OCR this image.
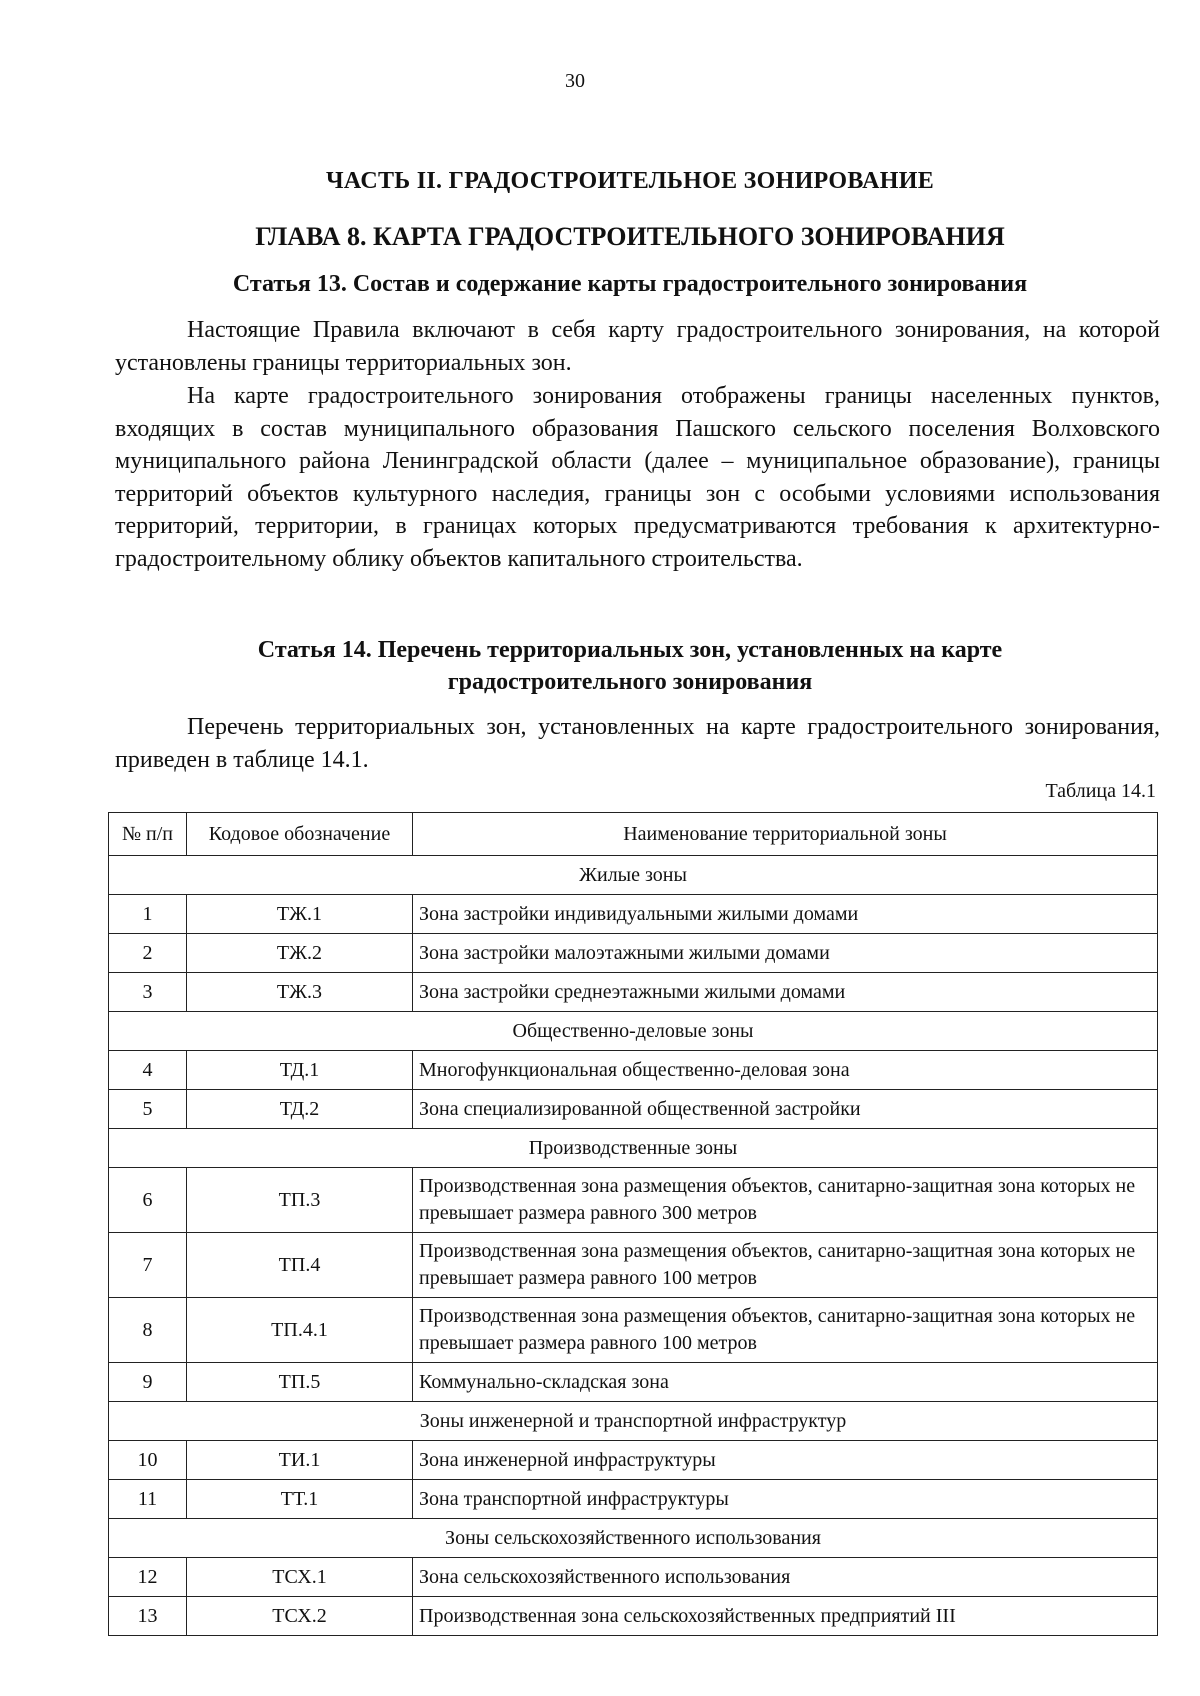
30
ЧАСТЬ II. ГРАДОСТРОИТЕЛЬНОЕ ЗОНИРОВАНИЕ
ГЛАВА 8. КАРТА ГРАДОСТРОИТЕЛЬНОГО ЗОНИРОВАНИЯ
Статья 13. Состав и содержание карты градостроительного зонирования

Настоящие Правила включают в себя карту градостроительного зонирования, на которой установлены границы территориальных зон.

На карте градостроительного зонирования отображены границы населенных пунктов, входящих в состав муниципального образования Пашского сельского поселения Волховского муниципального района Ленинградской области (далее – муниципальное образование), границы территорий объектов культурного наследия, границы зон с особыми условиями использования территорий, территории, в границах которых предусматриваются требования к архитектурно-градостроительному облику объектов капитального строительства.

Статья 14. Перечень территориальных зон, установленных на карте
градостроительного зонирования

Перечень территориальных зон, установленных на карте градостроительного зонирования, приведен в таблице 14.1.

Таблица 14.1
№ п/п	Кодовое обозначение	Наименование территориальной зоны
Жилые зоны		
1	ТЖ.1	Зона застройки индивидуальными жилыми домами
2	ТЖ.2	Зона застройки малоэтажными жилыми домами
3	ТЖ.3	Зона застройки среднеэтажными жилыми домами
Общественно-деловые зоны		
4	ТД.1	Многофункциональная общественно-деловая зона
5	ТД.2	Зона специализированной общественной застройки
Производственные зоны		
6	ТП.3	Производственная зона размещения объектов, санитарно-защитная зона которых не превышает размера равного 300 метров
7	ТП.4	Производственная зона размещения объектов, санитарно-защитная зона которых не превышает размера равного 100 метров
8	ТП.4.1	Производственная зона размещения объектов, санитарно-защитная зона которых не превышает размера равного 100 метров
9	ТП.5	Коммунально-складская зона
Зоны инженерной и транспортной инфраструктур		
10	ТИ.1	Зона инженерной инфраструктуры
11	ТТ.1	Зона транспортной инфраструктуры
Зоны сельскохозяйственного использования		
12	ТСХ.1	Зона сельскохозяйственного использования
13	ТСХ.2	Производственная зона сельскохозяйственных предприятий III
